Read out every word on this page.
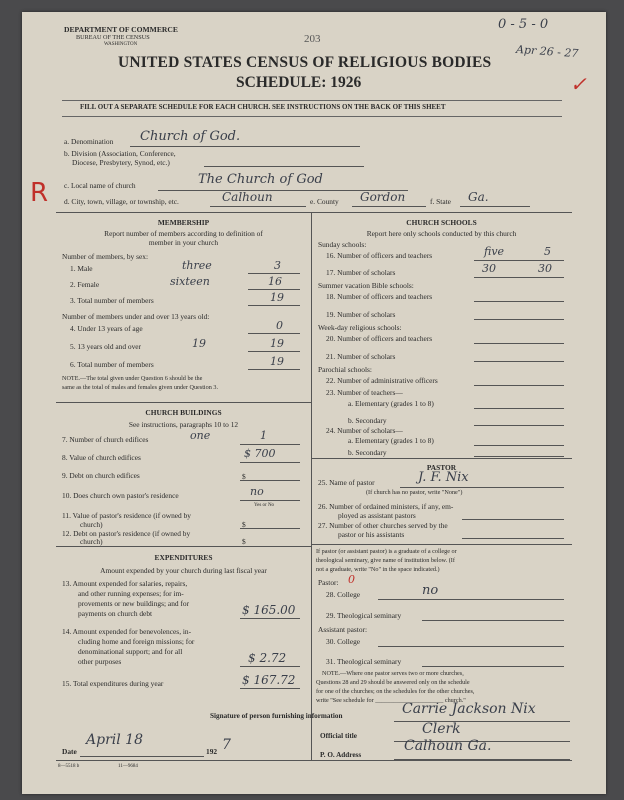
DEPARTMENT OF COMMERCE
BUREAU OF THE CENSUS
WASHINGTON	203
0 - 5 - 0
Apr 26 - 27
✓
UNITED STATES CENSUS OF RELIGIOUS BODIES
SCHEDULE: 1926
FILL OUT A SEPARATE SCHEDULE FOR EACH CHURCH. SEE INSTRUCTIONS ON THE BACK OF THIS SHEET
R
a. Denomination Church of God.
b. Division (Association, Conference,
Diocese, Presbytery, Synod, etc.)
c. Local name of church	The Church of God
d. City, town, village, or township, etc.	Calhoun	e. County Gordon	f. State Ga.
MEMBERSHIP
Report number of members according to definition of
member in your church
Number of members, by sex:
1. Male	three	3
2. Female	sixteen	16
3. Total number of members	19
Number of members under and over 13 years old:
4. Under 13 years of age	0
5. 13 years old and over	19	19
6. Total number of members	19
NOTE.—The total given under Question 6 should be the
same as the total of males and females given under Question 3.
CHURCH BUILDINGS
See instructions, paragraphs 10 to 12
7. Number of church edifices	one	1
8. Value of church edifices	$ 700
9. Debt on church edifices	$
10. Does church own pastor's residence	no
Yes or No
11. Value of pastor's residence (if owned by
church)	$
12. Debt on pastor's residence (if owned by
church)	$
EXPENDITURES
Amount expended by your church during last fiscal year
13. Amount expended for salaries, repairs,
and other running expenses; for im-
provements or new buildings; and for
payments on church debt	$ 165.00
14. Amount expended for benevolences, in-
cluding home and foreign missions; for
denominational support; and for all
other purposes	$ 2.72
15. Total expenditures during year	$ 167.72
CHURCH SCHOOLS
Report here only schools conducted by this church
Sunday schools:
16. Number of officers and teachers	five	5
17. Number of scholars	30	30
Summer vacation Bible schools:
18. Number of officers and teachers
19. Number of scholars
Week-day religious schools:
20. Number of officers and teachers
21. Number of scholars
Parochial schools:
22. Number of administrative officers
23. Number of teachers—
a. Elementary (grades 1 to 8)
b. Secondary
24. Number of scholars—
a. Elementary (grades 1 to 8)
b. Secondary
PASTOR
25. Name of pastor	J. F. Nix
(If church has no pastor, write "None")
26. Number of ordained ministers, if any, em-
ployed as assistant pastors
27. Number of other churches served by the
pastor or his assistants
If pastor (or assistant pastor) is a graduate of a college or
theological seminary, give name of institution below. (If
not a graduate, write "No" in the space indicated.)
Pastor: 0
28. College	no
29. Theological seminary
Assistant pastor:
30. College
31. Theological seminary
NOTE.—Where one pastor serves two or more churches,
Questions 28 and 29 should be answered only on the schedule
for one of the churches; on the schedules for the other churches,
write "See schedule for ______________________ church."
Signature of person furnishing information	Carrie Jackson Nix
Official title	Clerk
Date
April 18
192 7
P. O. Address
Calhoun Ga.
8—5518 b	11—9684
